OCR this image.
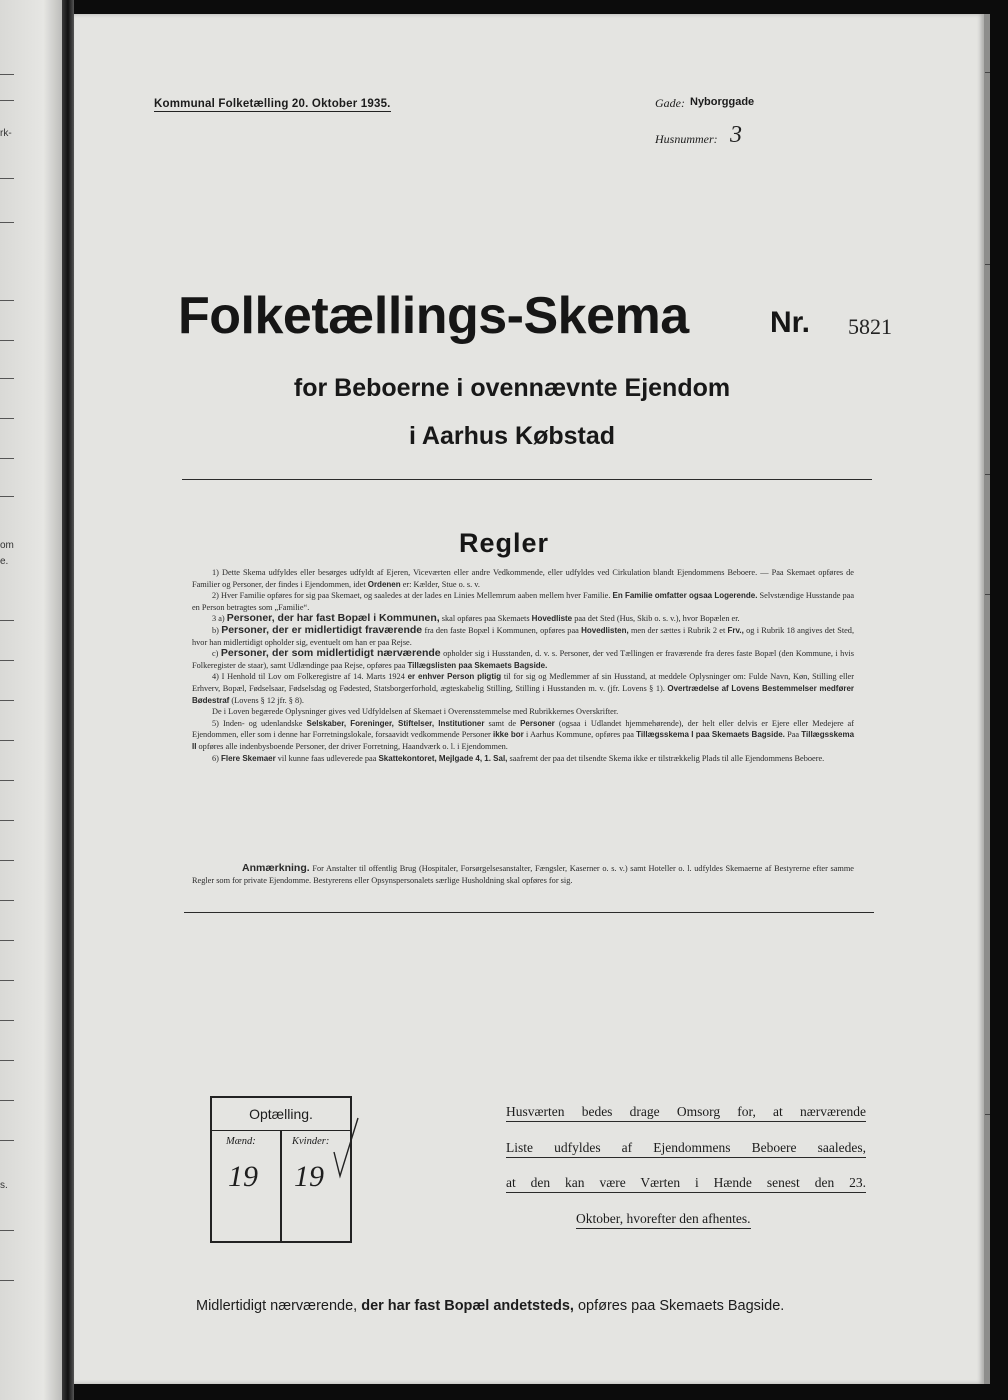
rk-
om
e.
s.
Kommunal Folketælling 20. Oktober 1935.	Gade: Nyborggade
Husnummer: 3
Folketællings-Skema	Nr. 5821
for Beboerne i ovennævnte Ejendom
i Aarhus Købstad
Regler

1) Dette Skema udfyldes eller besørges udfyldt af Ejeren, Viceværten eller andre Vedkommende, eller udfyldes ved Cirkulation blandt Ejendommens Beboere. — Paa Skemaet opføres de Familier og Personer, der findes i Ejendommen, idet Ordenen er: Kælder, Stue o. s. v.

2) Hver Familie opføres for sig paa Skemaet, og saaledes at der lades en Linies Mellemrum aaben mellem hver Familie. En Familie omfatter ogsaa Logerende. Selvstændige Husstande paa en Person betragtes som „Familie“.

3 a) Personer, der har fast Bopæl i Kommunen, skal opføres paa Skemaets Hovedliste paa det Sted (Hus, Skib o. s. v.), hvor Bopælen er.

b) Personer, der er midlertidigt fraværende fra den faste Bopæl i Kommunen, opføres paa Hovedlisten, men der sættes i Rubrik 2 et Frv., og i Rubrik 18 angives det Sted, hvor han midlertidigt opholder sig, eventuelt om han er paa Rejse.

c) Personer, der som midlertidigt nærværende opholder sig i Husstanden, d. v. s. Personer, der ved Tællingen er fraværende fra deres faste Bopæl (den Kommune, i hvis Folkeregister de staar), samt Udlændinge paa Rejse, opføres paa Tillægslisten paa Skemaets Bagside.

4) I Henhold til Lov om Folkeregistre af 14. Marts 1924 er enhver Person pligtig til for sig og Medlemmer af sin Husstand, at meddele Oplysninger om: Fulde Navn, Køn, Stilling eller Erhverv, Bopæl, Fødselsaar, Fødselsdag og Fødested, Statsborgerforhold, ægteskabelig Stilling, Stilling i Husstanden m. v. (jfr. Lovens § 1). Overtrædelse af Lovens Bestemmelser medfører Bødestraf (Lovens § 12 jfr. § 8).

De i Loven begærede Oplysninger gives ved Udfyldelsen af Skemaet i Overensstemmelse med Rubrikkernes Overskrifter.

5) Inden- og udenlandske Selskaber, Foreninger, Stiftelser, Institutioner samt de Personer (ogsaa i Udlandet hjemmehørende), der helt eller delvis er Ejere eller Medejere af Ejendommen, eller som i denne har Forretningslokale, forsaavidt vedkommende Personer ikke bor i Aarhus Kommune, opføres paa Tillægsskema I paa Skemaets Bagside. Paa Tillægsskema II opføres alle indenbysboende Personer, der driver Forretning, Haandværk o. l. i Ejendommen.

6) Flere Skemaer vil kunne faas udleverede paa Skattekontoret, Mejlgade 4, 1. Sal, saafremt der paa det tilsendte Skema ikke er tilstrækkelig Plads til alle Ejendommens Beboere.

Anmærkning. For Anstalter til offentlig Brug (Hospitaler, Forsørgelsesanstalter, Fængsler, Kaserner o. s. v.) samt Hoteller o. l. udfyldes Skemaerne af Bestyrerne efter samme Regler som for private Ejendomme. Bestyrerens eller Opsynspersonalets særlige Husholdning skal opføres for sig.
Optælling.
Mænd:	Kvinder:
19 19
Husværten bedes drage Omsorg for, at nærværende
Liste udfyldes af Ejendommens Beboere saaledes,
at den kan være Værten i Hænde senest den 23.
Oktober, hvorefter den afhentes.
Midlertidigt nærværende, der har fast Bopæl andetsteds, opføres paa Skemaets Bagside.
